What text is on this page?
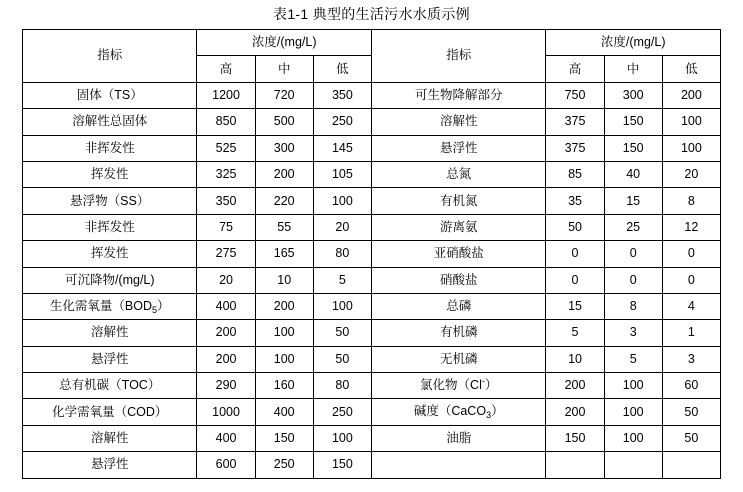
表1-1 典型的生活污水水质示例
指标	浓度/(mg/L)			指标	浓度/(mg/L)		
	高	中	低		高	中	低
固体（TS）	1200	720	350	可生物降解部分	750	300	200
溶解性总固体	850	500	250	溶解性	375	150	100
非挥发性	525	300	145	悬浮性	375	150	100
挥发性	325	200	105	总氮	85	40	20
悬浮物（SS）	350	220	100	有机氮	35	15	8
非挥发性	75	55	20	游离氨	50	25	12
挥发性	275	165	80	亚硝酸盐	0	0	0
可沉降物/(mg/L)	20	10	5	硝酸盐	0	0	0
生化需氧量$(BOD_5)$	400	200	100	总磷	15	8	4
溶解性	200	100	50	有机磷	5	3	1
悬浮性	200	100	50	无机磷	10	5	3
总有机碳（TOC）	290	160	80	氯化物（Cl-）	200	100	60
化学需氧量（COD）	1000	400	250	碱度（CaCO$_3$）	200	100	50
溶解性	400	150	100	油脂	150	100	50
悬浮性	600	250	150				
